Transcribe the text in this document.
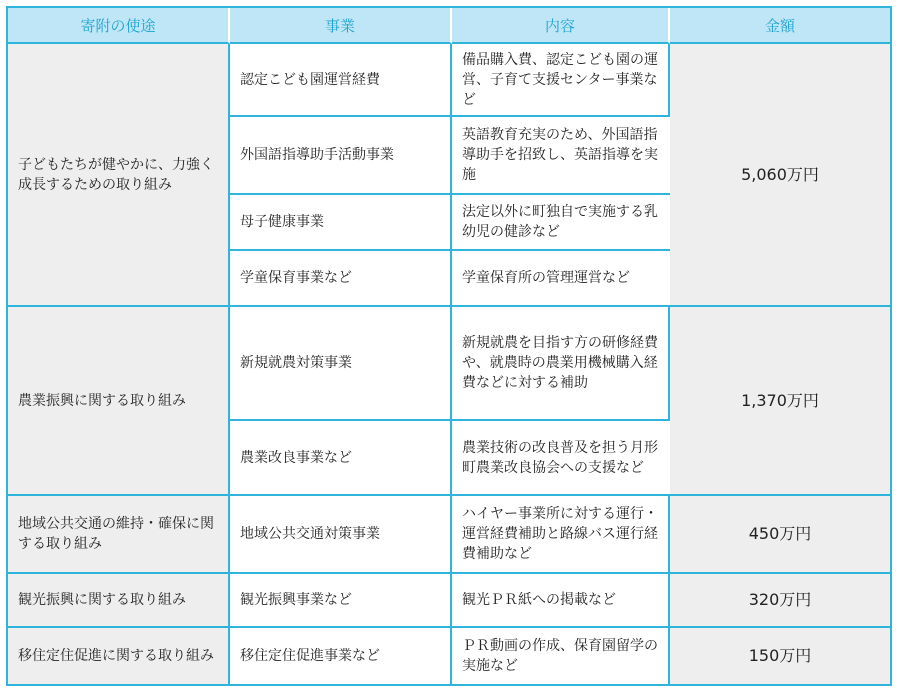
寄附の使途	事業	内容	金額
子どもたちが健やかに、力強く成長するための取り組み	認定こども園運営経費	備品購入費、認定こども園の運営、子育て支援センター事業など	5,060万円
	外国語指導助手活動事業	英語教育充実のため、外国語指導助手を招致し、英語指導を実施	
	母子健康事業	法定以外に町独自で実施する乳幼児の健診など	
	学童保育事業など	学童保育所の管理運営など	
農業振興に関する取り組み	新規就農対策事業	新規就農を目指す方の研修経費や、就農時の農業用機械購入経費などに対する補助	1,370万円
	農業改良事業など	農業技術の改良普及を担う月形町農業改良協会への支援など	
地域公共交通の維持・確保に関する取り組み	地域公共交通対策事業	ハイヤー事業所に対する運行・運営経費補助と路線バス運行経費補助など	450万円
観光振興に関する取り組み	観光振興事業など	観光ＰＲ紙への掲載など	320万円
移住定住促進に関する取り組み	移住定住促進事業など	ＰＲ動画の作成、保育園留学の実施など	150万円
